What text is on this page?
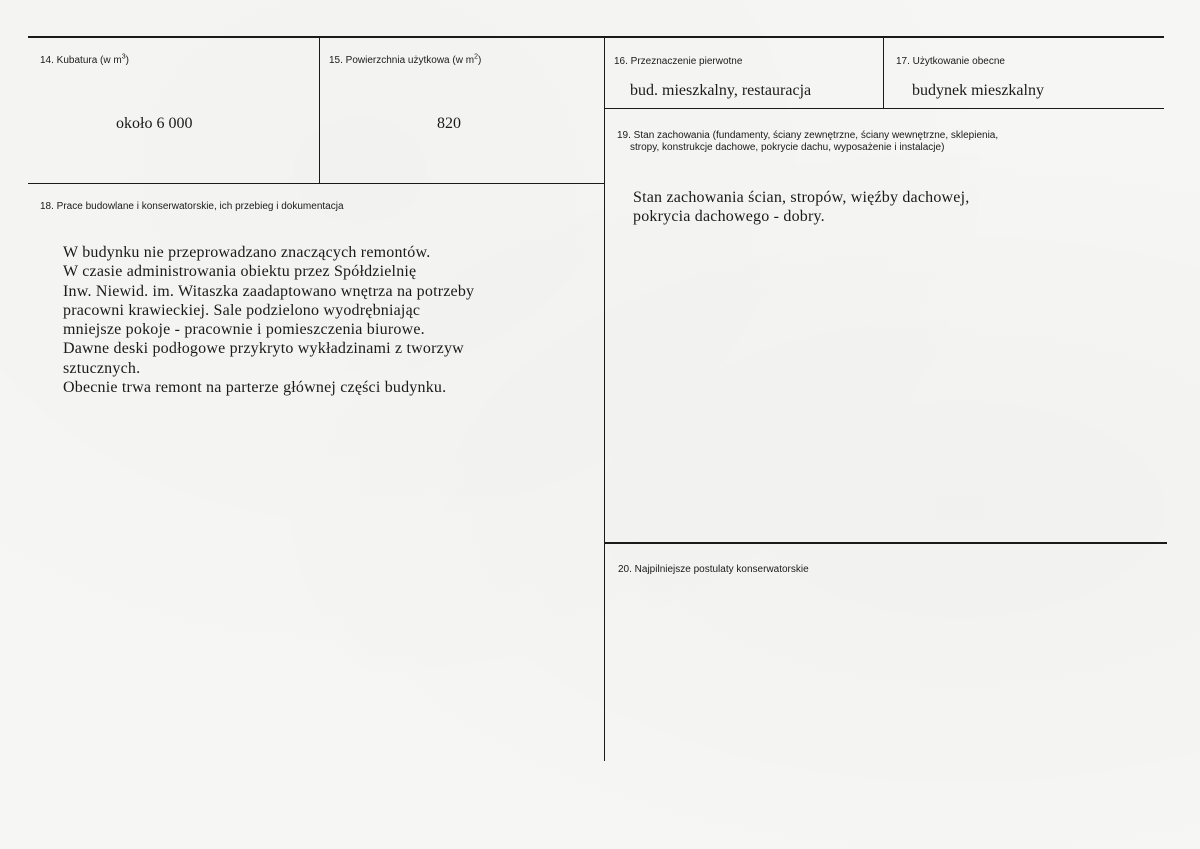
14. Kubatura (w $m^3$)
około 6 000
15. Powierzchnia użytkowa (w $m^2$)
820
16. Przeznaczenie pierwotne
bud. mieszkalny, restauracja
17. Użytkowanie obecne
budynek mieszkalny
19. Stan zachowania (fundamenty, ściany zewnętrzne, ściany wewnętrzne, sklepienia,
stropy, konstrukcje dachowe, pokrycie dachu, wyposażenie i instalacje)
Stan zachowania ścian, stropów, więźby dachowej,
pokrycia dachowego - dobry.
18. Prace budowlane i konserwatorskie, ich przebieg i dokumentacja
W budynku nie przeprowadzano znaczących remontów.
W czasie administrowania obiektu przez Spółdzielnię
Inw. Niewid. im. Witaszka zaadaptowano wnętrza na potrzeby
pracowni krawieckiej. Sale podzielono wyodrębniając
mniejsze pokoje - pracownie i pomieszczenia biurowe.
Dawne deski podłogowe przykryto wykładzinami z tworzyw
sztucznych.
Obecnie trwa remont na parterze głównej części budynku.
20. Najpilniejsze postulaty konserwatorskie
